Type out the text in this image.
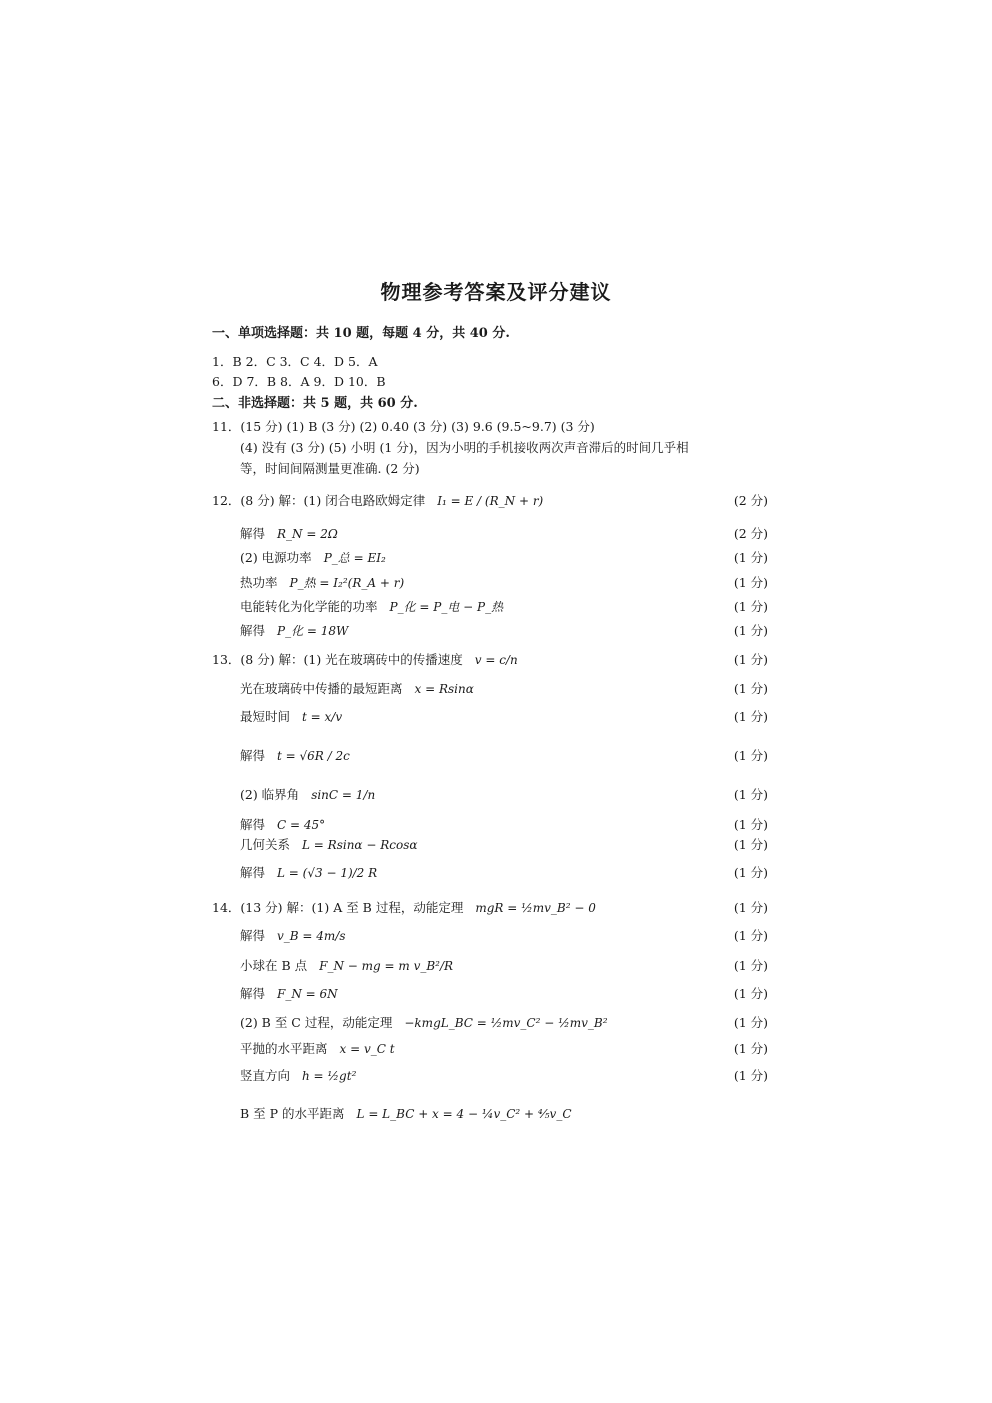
物理参考答案及评分建议
一、单项选择题：共 10 题，每题 4 分，共 40 分.
1．B 2．C 3．C 4．D 5．A
6．D 7．B 8．A 9．D 10．B
二、非选择题：共 5 题，共 60 分.
11．(15 分) (1) B (3 分) (2) 0.40 (3 分) (3) 9.6 (9.5~9.7) (3 分)
(4) 没有 (3 分) (5) 小明 (1 分)，因为小明的手机接收两次声音滞后的时间几乎相
等，时间间隔测量更准确. (2 分)
12．(8 分) 解：(1) 闭合电路欧姆定律 I₁ = E / (R_N + r)	(2 分)
解得 R_N = 2Ω	(2 分)
(2) 电源功率 P_总 = EI₂	(1 分)
热功率 P_热 = I₂²(R_A + r)	(1 分)
电能转化为化学能的功率 P_化 = P_电 − P_热	(1 分)
解得 P_化 = 18W	(1 分)
13．(8 分) 解：(1) 光在玻璃砖中的传播速度 v = c/n	(1 分)
光在玻璃砖中传播的最短距离 x = Rsinα	(1 分)
最短时间 t = x/v	(1 分)
解得 t = √6R / 2c	(1 分)
(2) 临界角 sinC = 1/n	(1 分)
解得 C = 45°	(1 分)
几何关系 L = Rsinα − Rcosα	(1 分)
解得 L = (√3 − 1)/2 R	(1 分)
14．(13 分) 解：(1) A 至 B 过程，动能定理 mgR = ½mv_B² − 0	(1 分)
解得 v_B = 4m/s	(1 分)
小球在 B 点 F_N − mg = m v_B²/R	(1 分)
解得 F_N = 6N	(1 分)
(2) B 至 C 过程，动能定理 −kmgL_BC = ½mv_C² − ½mv_B²	(1 分)
平抛的水平距离 x = v_C t	(1 分)
竖直方向 h = ½gt²	(1 分)
B 至 P 的水平距离 L = L_BC + x = 4 − ¼v_C² + ⅘v_C
